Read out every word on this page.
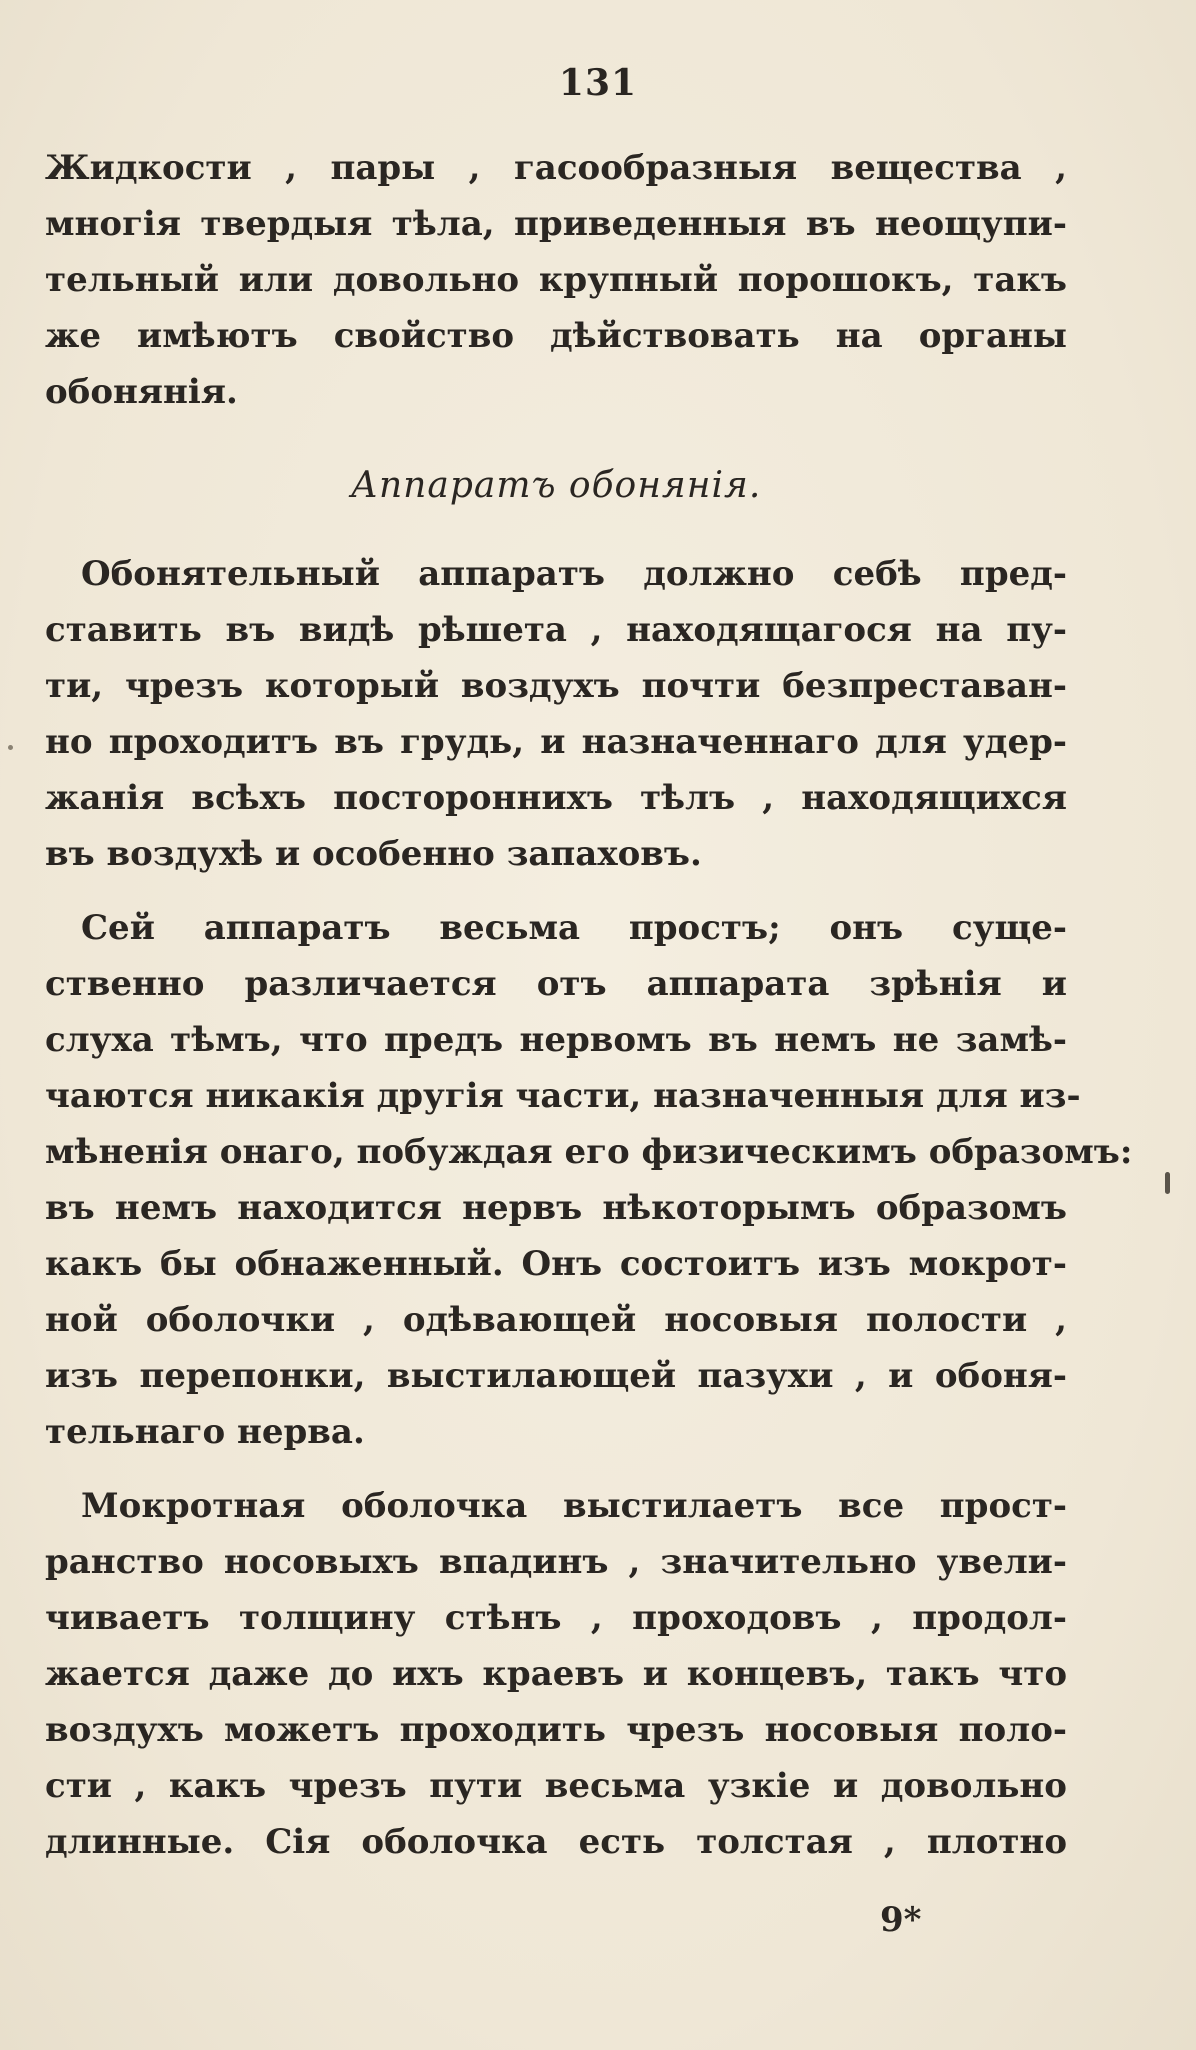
131
Жидкости , пары , гасообразныя вещества ,
многія твердыя тѣла, приведенныя въ неощупи-
тельный или довольно крупный порошокъ, такъ
же имѣютъ свойство дѣйствовать на органы
обонянія.
Аппаратъ обонянія.
Обонятельный аппаратъ должно себѣ пред-
ставить въ видѣ рѣшета , находящагося на пу-
ти, чрезъ который воздухъ почти безпреставан-
но проходитъ въ грудь, и назначеннаго для удер-
жанія всѣхъ постороннихъ тѣлъ , находящихся
въ воздухѣ и особенно запаховъ.
Сей аппаратъ весьма простъ; онъ суще-
ственно различается отъ аппарата зрѣнія и
слуха тѣмъ, что предъ нервомъ въ немъ не замѣ-
чаются никакія другія части, назначенныя для из-
мѣненія онаго, побуждая его физическимъ образомъ:
въ немъ находится нервъ нѣкоторымъ образомъ
какъ бы обнаженный. Онъ состоитъ изъ мокрот-
ной оболочки , одѣвающей носовыя полости ,
изъ перепонки, выстилающей пазухи , и обоня-
тельнаго нерва.
Мокротная оболочка выстилаетъ все прост-
ранство носовыхъ впадинъ , значительно увели-
чиваетъ толщину стѣнъ , проходовъ , продол-
жается даже до ихъ краевъ и концевъ, такъ что
воздухъ можетъ проходить чрезъ носовыя поло-
сти , какъ чрезъ пути весьма узкіе и довольно
длинные. Сія оболочка есть толстая , плотно
9*
